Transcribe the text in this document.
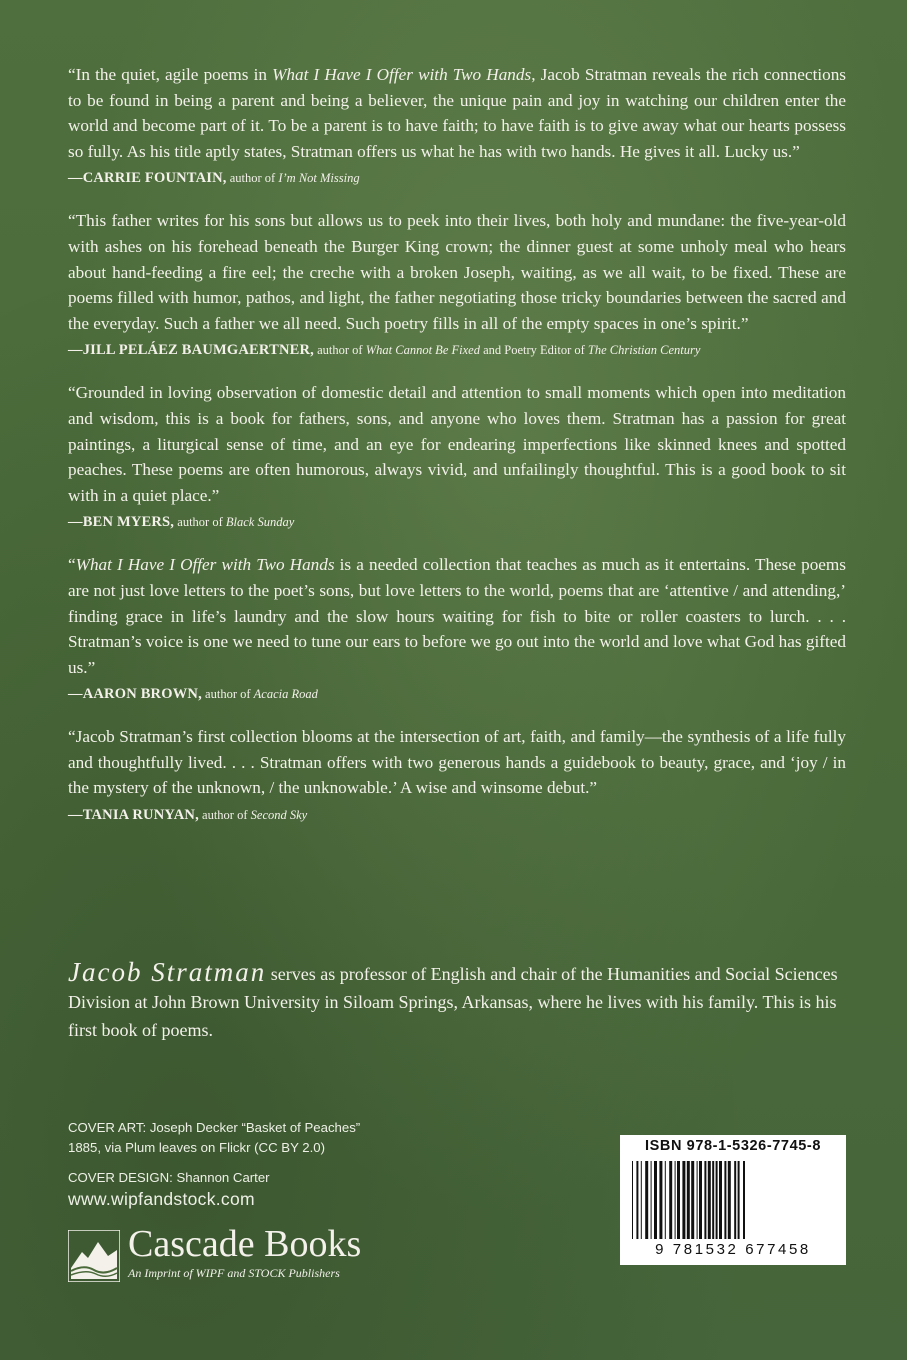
“In the quiet, agile poems in What I Have I Offer with Two Hands, Jacob Stratman reveals the rich connections to be found in being a parent and being a believer, the unique pain and joy in watching our children enter the world and become part of it. To be a parent is to have faith; to have faith is to give away what our hearts possess so fully. As his title aptly states, Stratman offers us what he has with two hands. He gives it all. Lucky us.”

—CARRIE FOUNTAIN, author of I’m Not Missing

“This father writes for his sons but allows us to peek into their lives, both holy and mundane: the five-year-old with ashes on his forehead beneath the Burger King crown; the dinner guest at some unholy meal who hears about hand-feeding a fire eel; the creche with a broken Joseph, waiting, as we all wait, to be fixed. These are poems filled with humor, pathos, and light, the father negotiating those tricky boundaries between the sacred and the everyday. Such a father we all need. Such poetry fills in all of the empty spaces in one’s spirit.”

—JILL PELÁEZ BAUMGAERTNER, author of What Cannot Be Fixed and Poetry Editor of The Christian Century

“Grounded in loving observation of domestic detail and attention to small moments which open into meditation and wisdom, this is a book for fathers, sons, and anyone who loves them. Stratman has a passion for great paintings, a liturgical sense of time, and an eye for endearing imperfections like skinned knees and spotted peaches. These poems are often humorous, always vivid, and unfailingly thoughtful. This is a good book to sit with in a quiet place.”

—BEN MYERS, author of Black Sunday

“What I Have I Offer with Two Hands is a needed collection that teaches as much as it entertains. These poems are not just love letters to the poet’s sons, but love letters to the world, poems that are ‘attentive / and attending,’ finding grace in life’s laundry and the slow hours waiting for fish to bite or roller coasters to lurch. . . . Stratman’s voice is one we need to tune our ears to before we go out into the world and love what God has gifted us.”

—AARON BROWN, author of Acacia Road

“Jacob Stratman’s first collection blooms at the intersection of art, faith, and family—the synthesis of a life fully and thoughtfully lived. . . . Stratman offers with two generous hands a guidebook to beauty, grace, and ‘joy / in the mystery of the unknown, / the unknowable.’ A wise and winsome debut.”

—TANIA RUNYAN, author of Second Sky

Jacob Stratman serves as professor of English and chair of the Humanities and Social Sciences Division at John Brown University in Siloam Springs, Arkansas, where he lives with his family. This is his first book of poems.

COVER ART: Joseph Decker “Basket of Peaches”
1885, via Plum leaves on Flickr (CC BY 2.0)
COVER DESIGN: Shannon Carter
www.wipfandstock.com
Cascade Books
An Imprint of WIPF and STOCK Publishers
ISBN 978-1-5326-7745-8
9 781532 677458
